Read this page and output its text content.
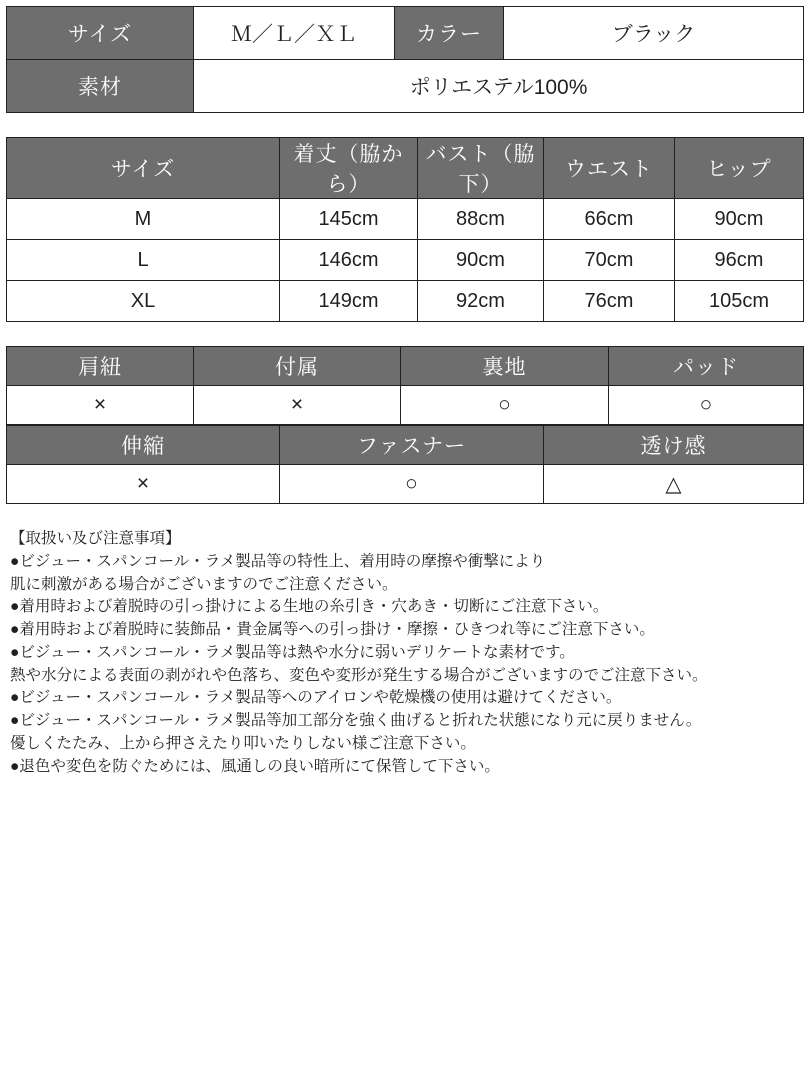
サイズ	Ｍ／Ｌ／ＸＬ	カラー	ブラック
素材	ポリエステル100%		
サイズ	着丈（脇から）	バスト（脇下）	ウエスト	ヒップ
M	145cm	88cm	66cm	90cm
L	146cm	90cm	70cm	96cm
XL	149cm	92cm	76cm	105cm
肩紐	付属	裏地	パッド
×	×	○	○
伸縮	ファスナー	透け感
×	○	△
【取扱い及び注意事項】
●ビジュー・スパンコール・ラメ製品等の特性上、着用時の摩擦や衝撃により
肌に刺激がある場合がございますのでご注意ください。
●着用時および着脱時の引っ掛けによる生地の糸引き・穴あき・切断にご注意下さい。
●着用時および着脱時に装飾品・貴金属等への引っ掛け・摩擦・ひきつれ等にご注意下さい。
●ビジュー・スパンコール・ラメ製品等は熱や水分に弱いデリケートな素材です。
熱や水分による表面の剥がれや色落ち、変色や変形が発生する場合がございますのでご注意下さい。
●ビジュー・スパンコール・ラメ製品等へのアイロンや乾燥機の使用は避けてください。
●ビジュー・スパンコール・ラメ製品等加工部分を強く曲げると折れた状態になり元に戻りません。
優しくたたみ、上から押さえたり叩いたりしない様ご注意下さい。
●退色や変色を防ぐためには、風通しの良い暗所にて保管して下さい。
